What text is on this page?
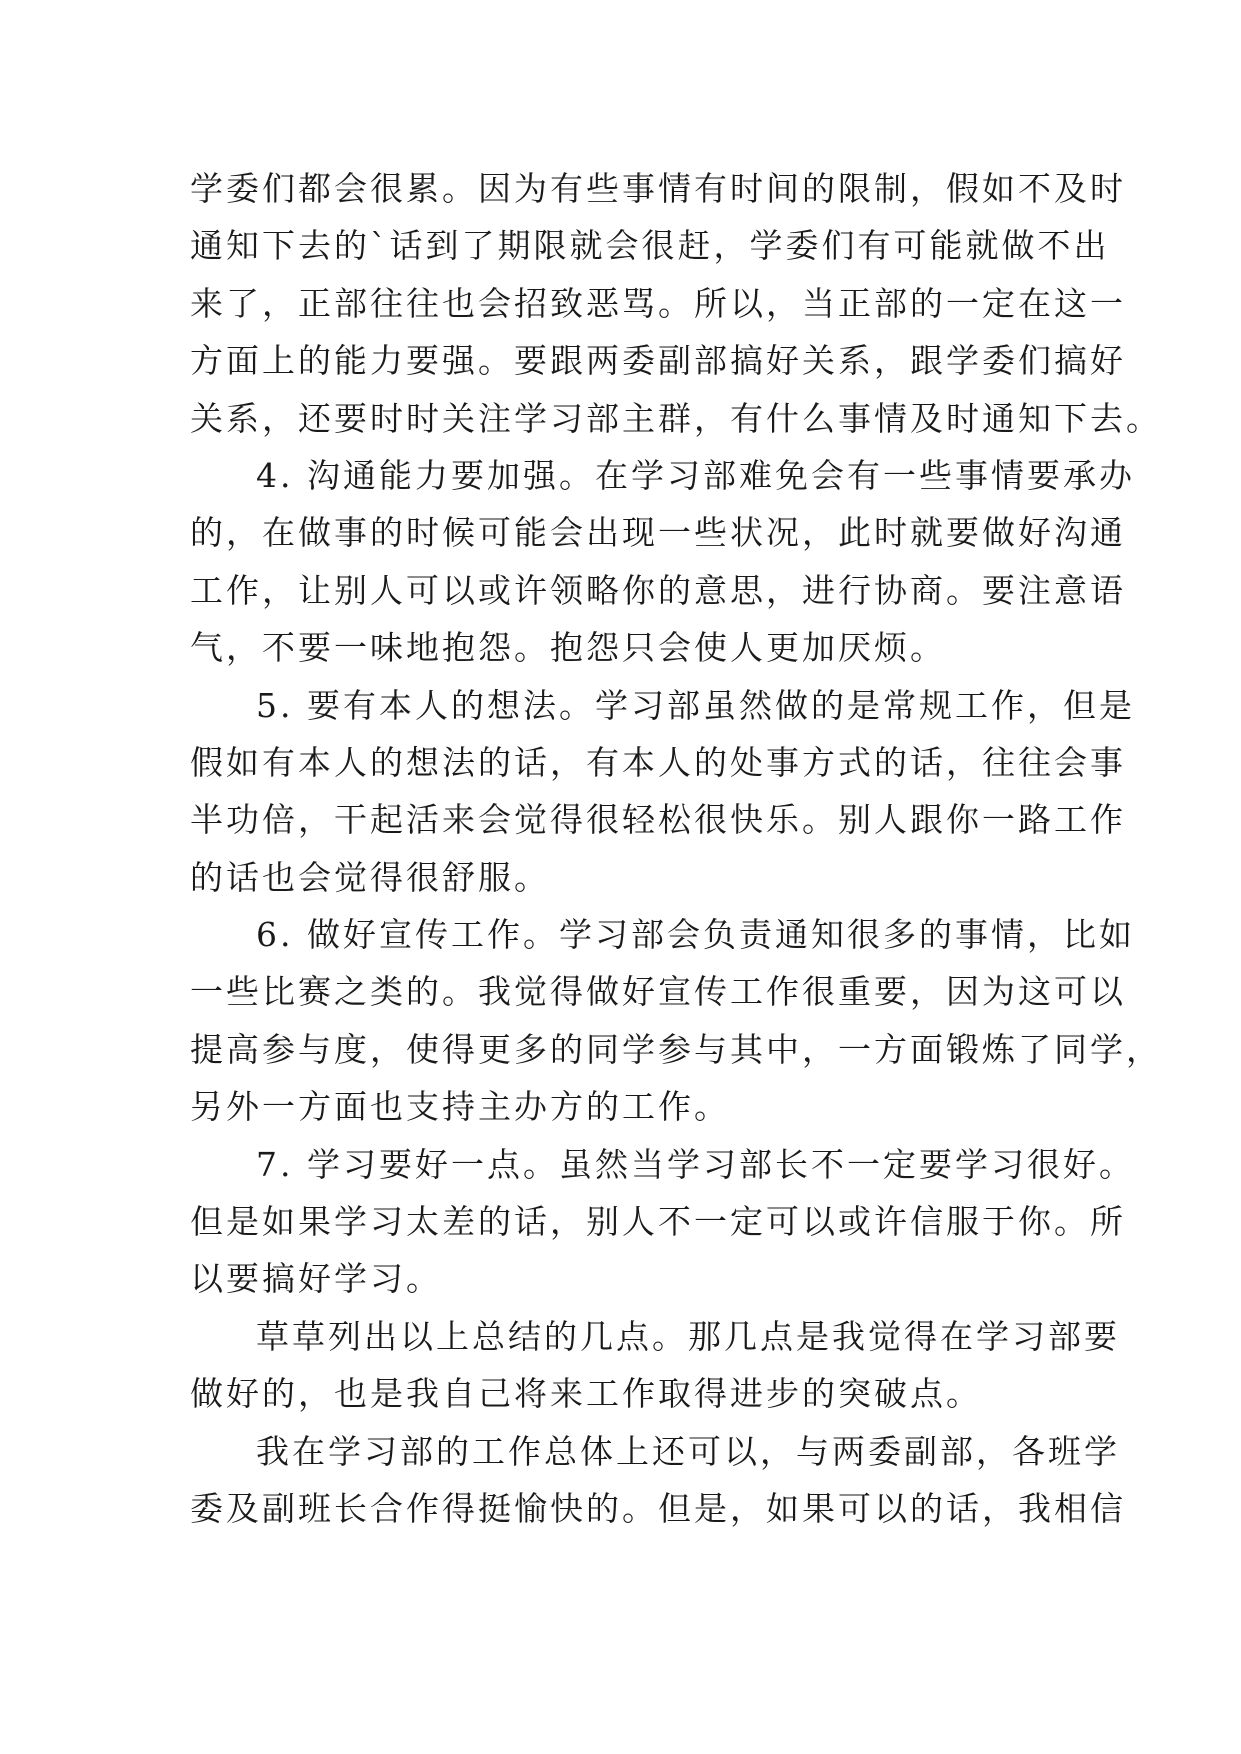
学委们都会很累。因为有些事情有时间的限制，假如不及时
通知下去的`话到了期限就会很赶，学委们有可能就做不出
来了，正部往往也会招致恶骂。所以，当正部的一定在这一
方面上的能力要强。要跟两委副部搞好关系，跟学委们搞好
关系，还要时时关注学习部主群，有什么事情及时通知下去。
4. 沟通能力要加强。在学习部难免会有一些事情要承办
的，在做事的时候可能会出现一些状况，此时就要做好沟通
工作，让别人可以或许领略你的意思，进行协商。要注意语
气，不要一味地抱怨。抱怨只会使人更加厌烦。
5. 要有本人的想法。学习部虽然做的是常规工作，但是
假如有本人的想法的话，有本人的处事方式的话，往往会事
半功倍，干起活来会觉得很轻松很快乐。别人跟你一路工作
的话也会觉得很舒服。
6. 做好宣传工作。学习部会负责通知很多的事情，比如
一些比赛之类的。我觉得做好宣传工作很重要，因为这可以
提高参与度，使得更多的同学参与其中，一方面锻炼了同学，
另外一方面也支持主办方的工作。
7. 学习要好一点。虽然当学习部长不一定要学习很好。
但是如果学习太差的话，别人不一定可以或许信服于你。所
以要搞好学习。
草草列出以上总结的几点。那几点是我觉得在学习部要
做好的，也是我自己将来工作取得进步的突破点。
我在学习部的工作总体上还可以，与两委副部，各班学
委及副班长合作得挺愉快的。但是，如果可以的话，我相信
